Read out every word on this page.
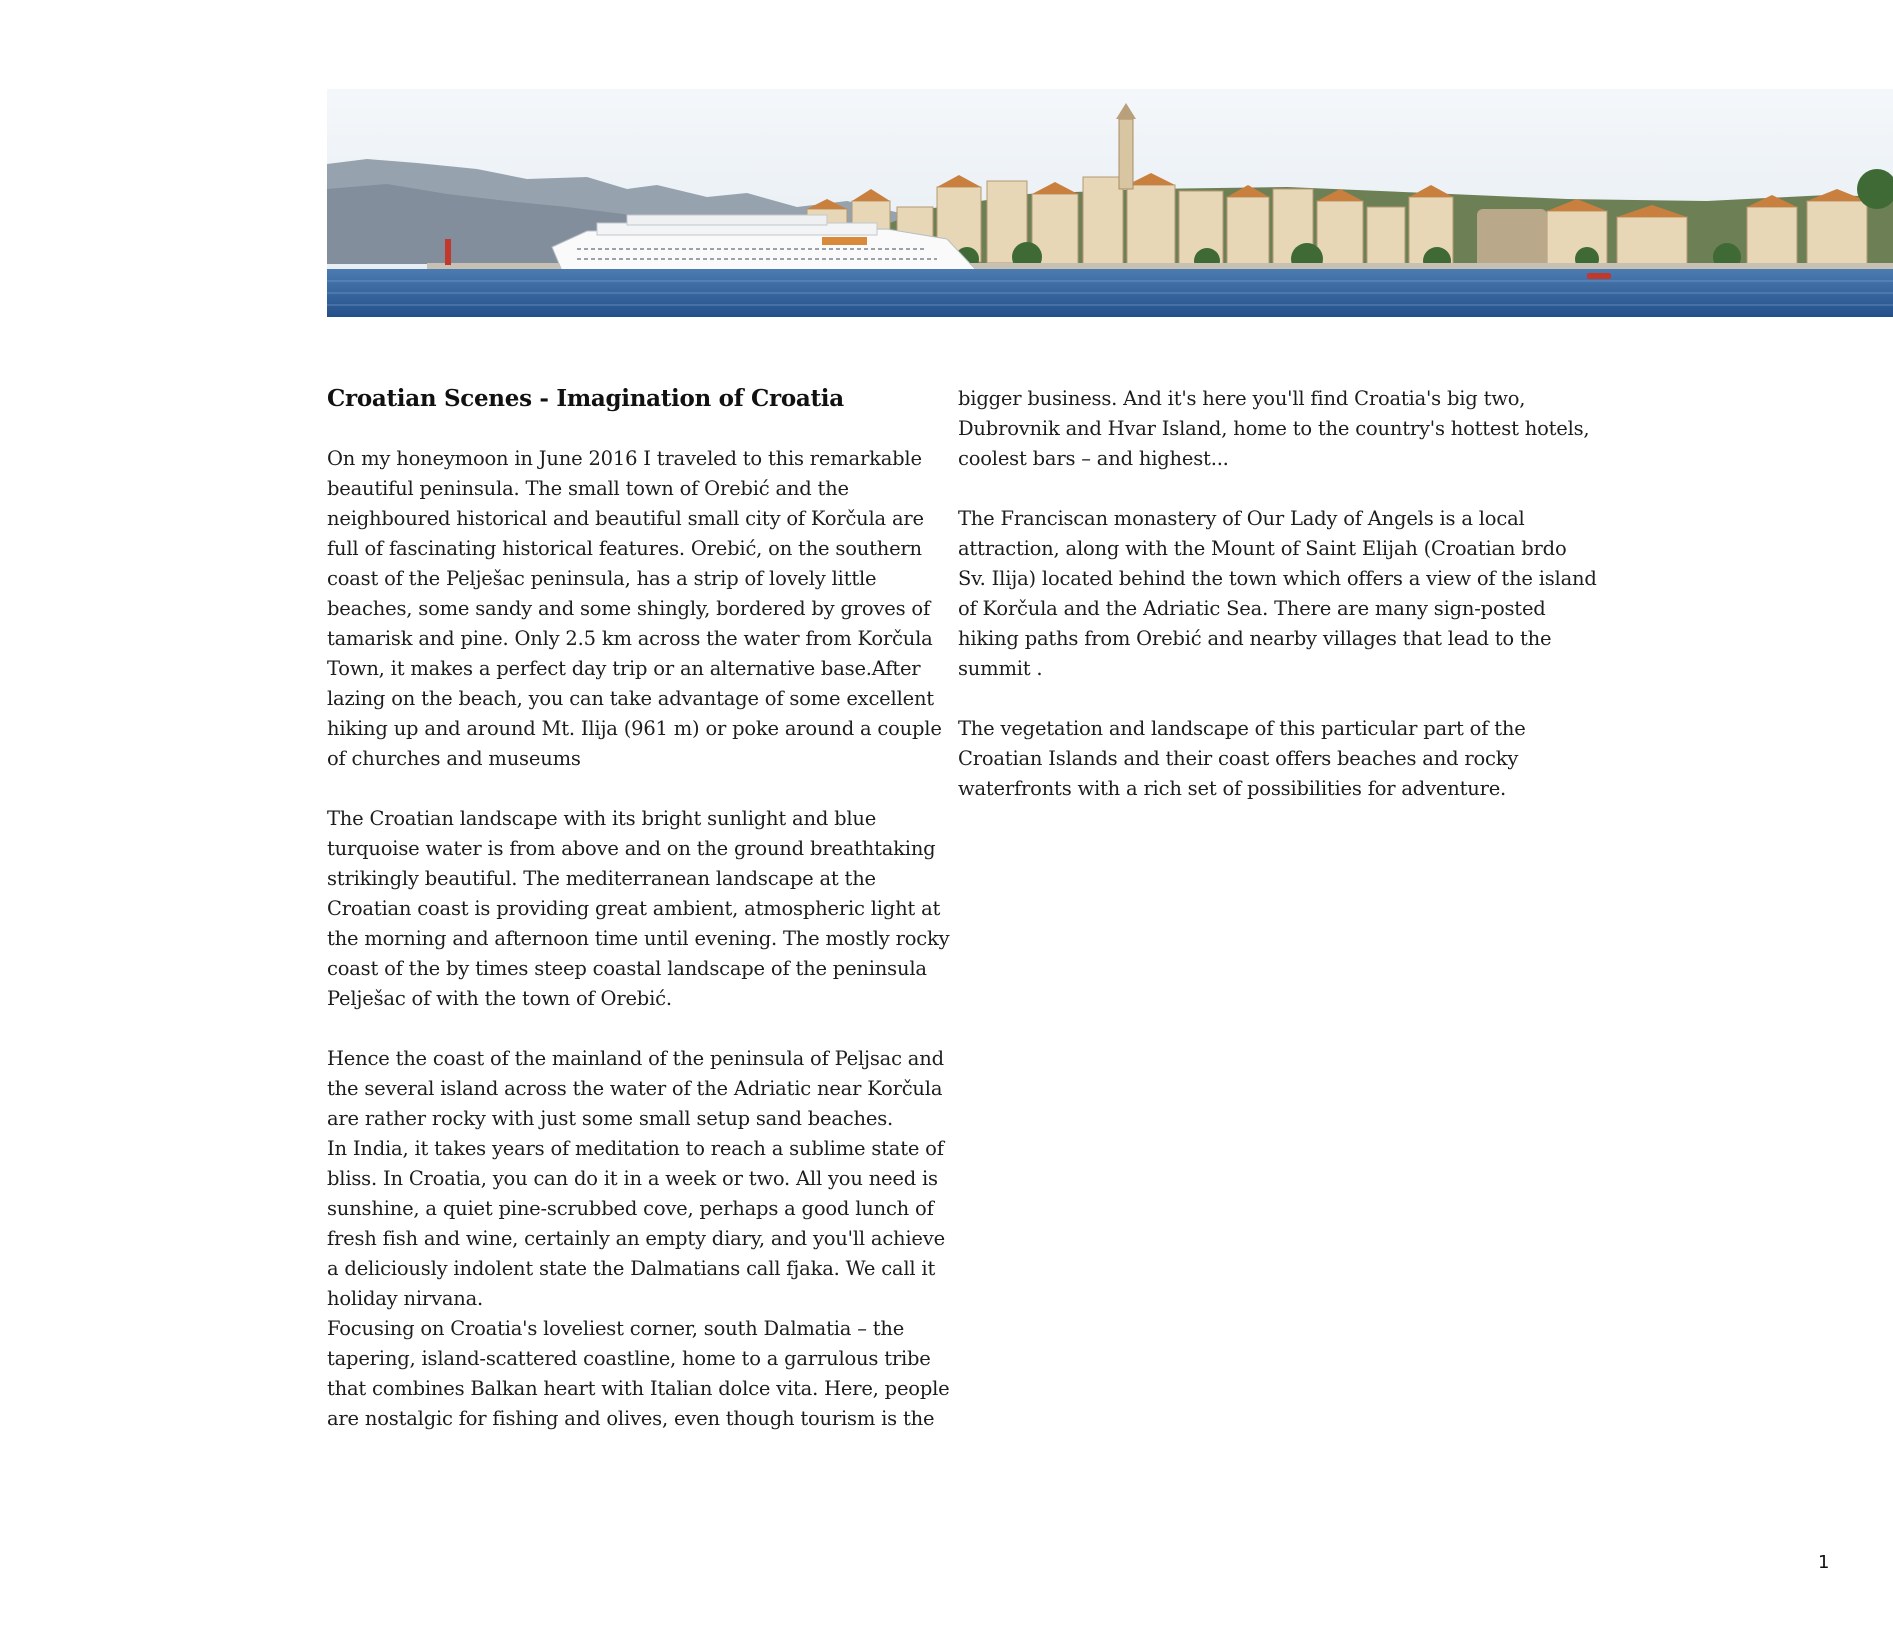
Croatian Scenes - Imagination of Croatia
On my honeymoon in June 2016 I traveled to this remarkable
beautiful peninsula. The small town of Orebić and the
neighboured historical and beautiful small city of Korčula are
full of fascinating historical features. Orebić, on the southern
coast of the Pelješac peninsula, has a strip of lovely little
beaches, some sandy and some shingly, bordered by groves of
tamarisk and pine. Only 2.5 km across the water from Korčula
Town, it makes a perfect day trip or an alternative base.After
lazing on the beach, you can take advantage of some excellent
hiking up and around Mt. Ilija (961 m) or poke around a couple
of churches and museums
The Croatian landscape with its bright sunlight and blue
turquoise water is from above and on the ground breathtaking
strikingly beautiful. The mediterranean landscape at the
Croatian coast is providing great ambient, atmospheric light at
the morning and afternoon time until evening. The mostly rocky
coast of the by times steep coastal landscape of the peninsula
Pelješac of with the town of Orebić.
Hence the coast of the mainland of the peninsula of Peljsac and
the several island across the water of the Adriatic near Korčula
are rather rocky with just some small setup sand beaches.
In India, it takes years of meditation to reach a sublime state of
bliss. In Croatia, you can do it in a week or two. All you need is
sunshine, a quiet pine-scrubbed cove, perhaps a good lunch of
fresh fish and wine, certainly an empty diary, and you'll achieve
a deliciously indolent state the Dalmatians call fjaka. We call it
holiday nirvana.
Focusing on Croatia's loveliest corner, south Dalmatia – the
tapering, island-scattered coastline, home to a garrulous tribe
that combines Balkan heart with Italian dolce vita. Here, people
are nostalgic for fishing and olives, even though tourism is the
bigger business. And it's here you'll find Croatia's big two,
Dubrovnik and Hvar Island, home to the country's hottest hotels,
coolest bars – and highest...
The Franciscan monastery of Our Lady of Angels is a local
attraction, along with the Mount of Saint Elijah (Croatian brdo
Sv. Ilija) located behind the town which offers a view of the island
of Korčula and the Adriatic Sea. There are many sign-posted
hiking paths from Orebić and nearby villages that lead to the
summit .
The vegetation and landscape of this particular part of the
Croatian Islands and their coast offers beaches and rocky
waterfronts with a rich set of possibilities for adventure.
1
